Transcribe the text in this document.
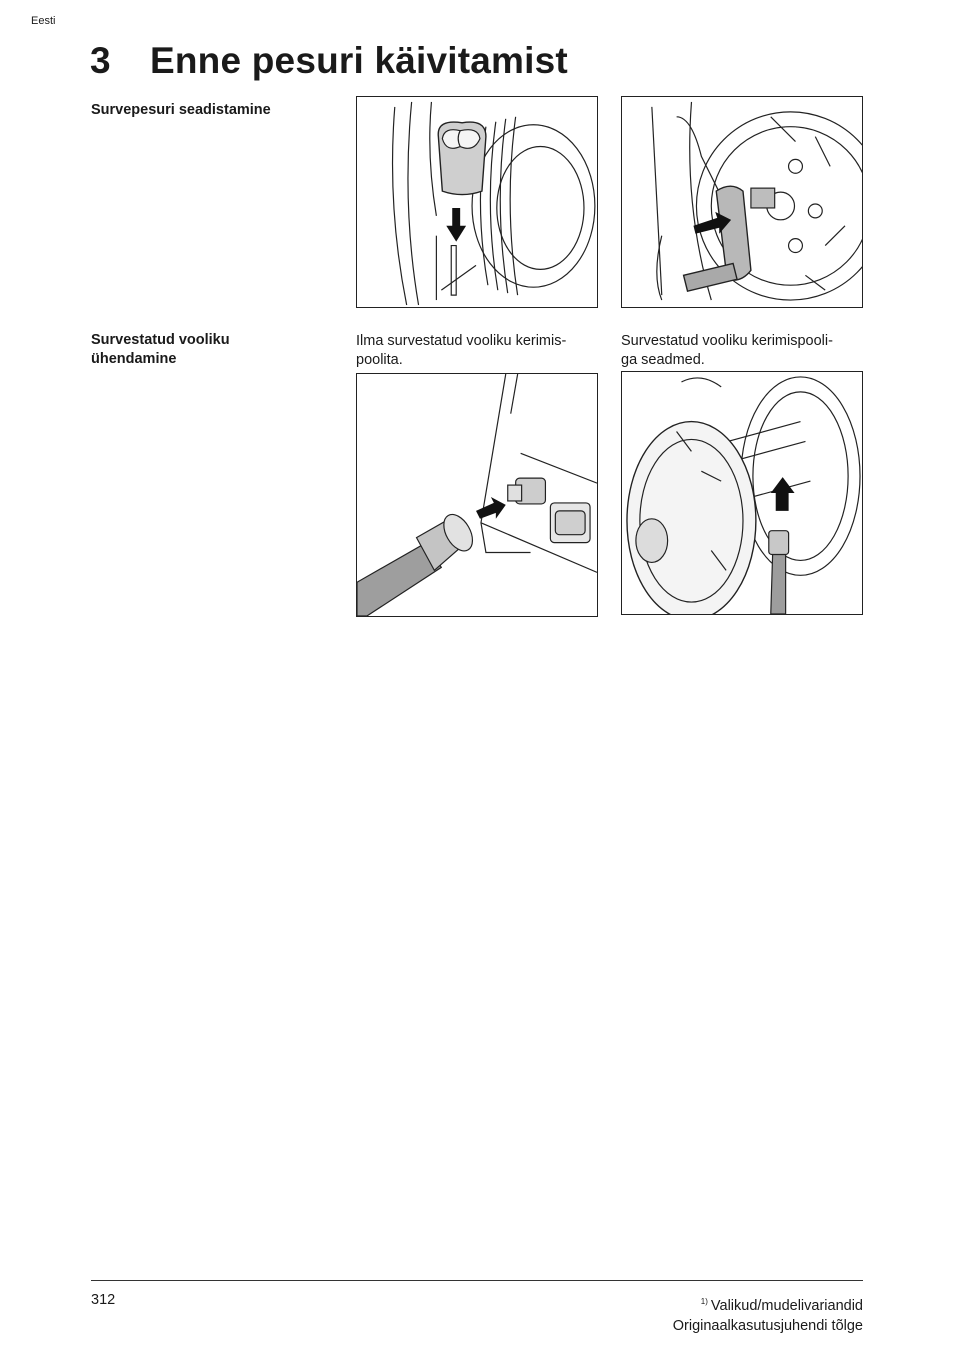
Eesti
3 Enne pesuri käivitamist
Survepesuri seadistamine
Survestatud vooliku ühendamine
Ilma survestatud vooliku kerimis-
poolita.
Survestatud vooliku kerimispooli-
ga seadmed.
312	$^{1)}$ Valikud/mudelivariandid
Originaalkasutusjuhendi tõlge
